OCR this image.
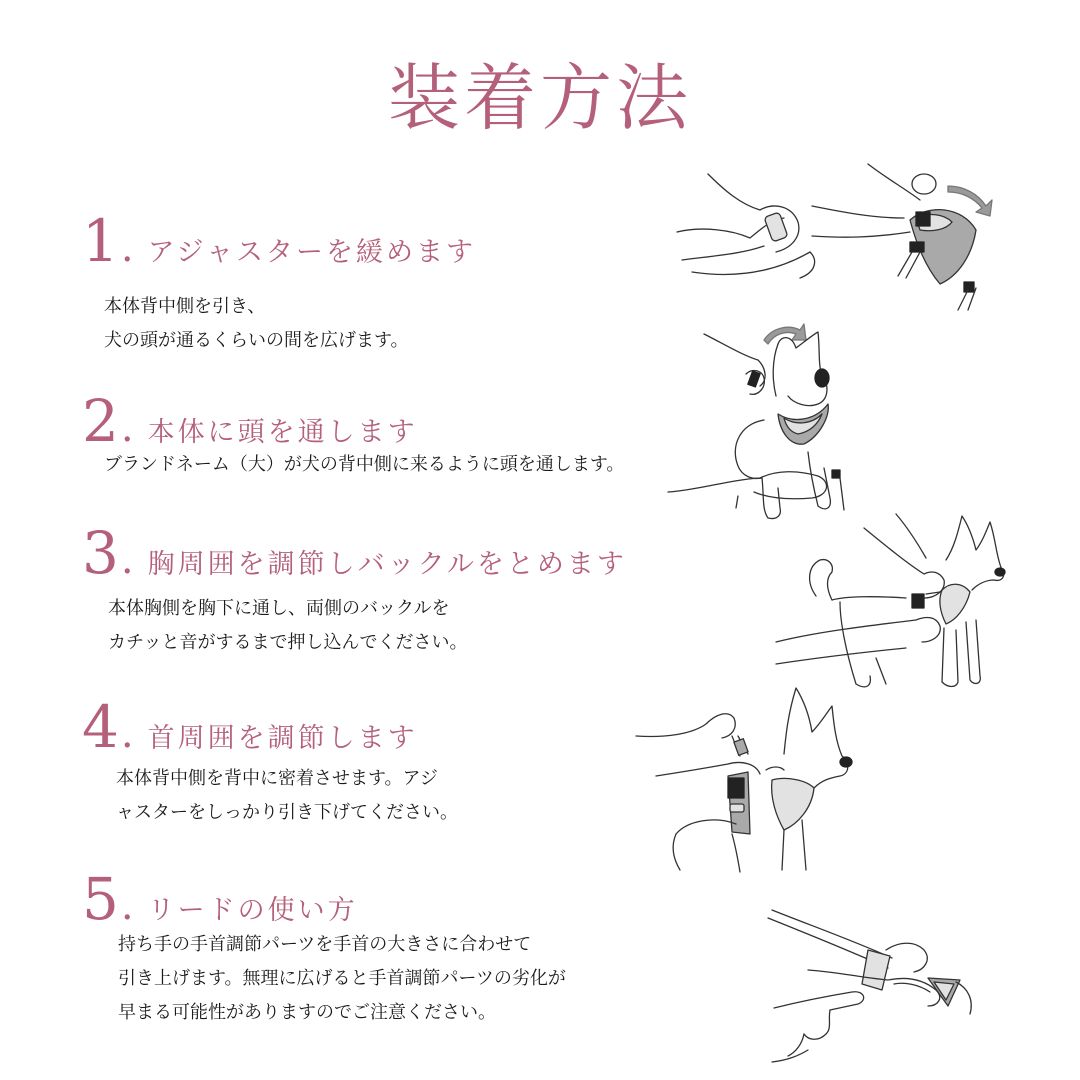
装着方法
1 . アジャスターを緩めます
本体背中側を引き、
犬の頭が通るくらいの間を広げます。
2 . 本体に頭を通します
ブランドネーム（大）が犬の背中側に来るように頭を通します。
3 . 胸周囲を調節しバックルをとめます
本体胸側を胸下に通し、両側のバックルを
カチッと音がするまで押し込んでください。
4 . 首周囲を調節します
本体背中側を背中に密着させます。アジ
ャスターをしっかり引き下げてください。
5 . リードの使い方
持ち手の手首調節パーツを手首の大きさに合わせて
引き上げます。無理に広げると手首調節パーツの劣化が
早まる可能性がありますのでご注意ください。
